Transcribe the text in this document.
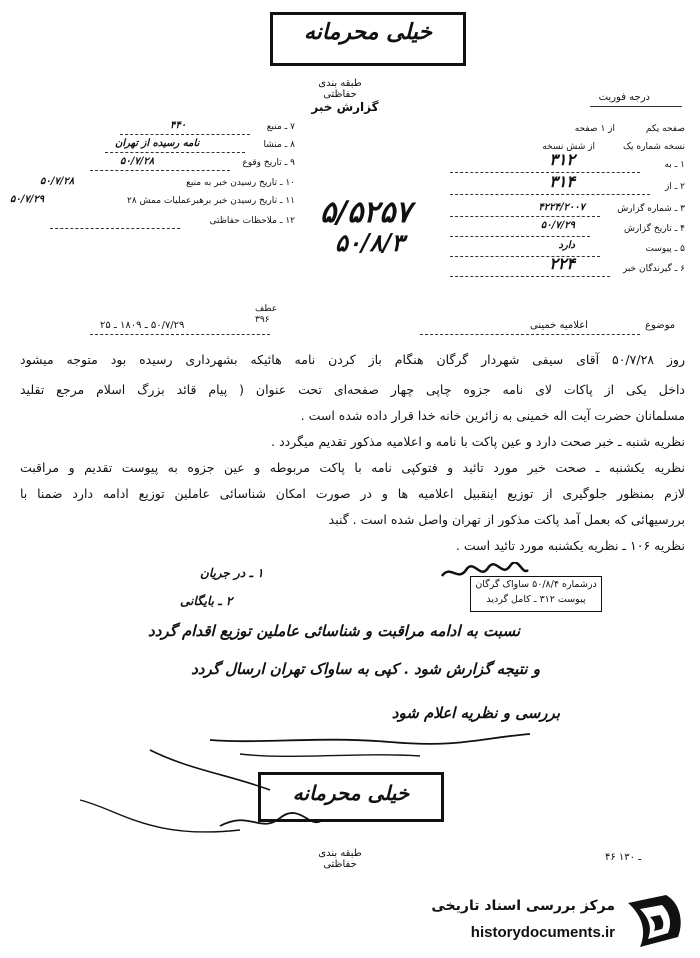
خیلی محرمانه
طبقه بندی حفاظتی
گزارش خبر
درجه فوریت
۷ ـ منبع
۴۴۰
۸ ـ منشا
نامه رسیده از تهران
۹ ـ تاریخ وقوع
۵۰/۷/۲۸
۱۰ ـ تاریخ رسیدن خبر به منبع
۵۰/۷/۲۸
۱۱ ـ تاریخ رسیدن خبر برهبرعملیات ممش ۲۸
۵۰/۷/۲۹
۱۲ ـ ملاحظات حفاظتی
صفحه یکم
از ۱ صفحه
نسخه شماره یک
از شش نسخه
۱ ـ به
۳۱۲
۲ ـ از
۳۱۴
۳ ـ شماره گزارش
۴۲۲۴/۲۰۰۷
۴ ـ تاریخ گزارش
۵۰/۷/۲۹
۵ ـ پیوست
دارد
۶ ـ گیرندگان خبر
۲۲۴
۵/۵۲۵۷
۵۰/۸/۳
عطف
۳۹۶	موضوع
اعلامیه خمینی
۵۰/۷/۲۹ ـ ۱۸۰۹ ـ ۲۵
روز ۵۰/۷/۲۸ آقای سیفی شهردار گرگان هنگام باز کردن نامه هائیکه بشهرداری رسیده بود متوجه میشود
داخل یکی از پاکات لای نامه جزوه چاپی چهار صفحه‌ای تحت عنوان ( پیام قائد بزرگ اسلام مرجع تقلید
مسلمانان حضرت آیت اله خمینی به زائرین خانه خدا قرار داده شده است .
نظریه شنبه ـ خبر صحت دارد و عین پاکت با نامه و اعلامیه مذکور تقدیم میگردد .
نظریه یکشنبه ـ صحت خبر مورد تائید و فتوکپی نامه با پاکت مربوطه و عین جزوه به پیوست تقدیم و مراقبت
لازم بمنظور جلوگیری از توزیع اینقبیل اعلامیه ها و در صورت امکان شناسائی عاملین توزیع ادامه دارد ضمنا با
بررسیهائی که بعمل آمد پاکت مذکور از تهران واصل شده است . گنبد
نظریه ۱۰۶ ـ نظریه یکشنبه مورد تائید است .
درشماره ۵۰/۸/۴ ساواک گرگان
پیوست ۳۱۲ ـ کامل گردید
۱ ـ در جریان
۲ ـ بایگانی
نسبت به ادامه مراقبت و شناسائی عاملین توزیع اقدام گردد
و نتیجه گزارش شود . کپی به ساواک تهران ارسال گردد
بررسی و نظریه اعلام شود
خیلی محرمانه
طبقه بندی حفاظتی
۴۶ ـ ۱۳۰
مرکز بررسی اسناد تاریخی
historydocuments.ir
